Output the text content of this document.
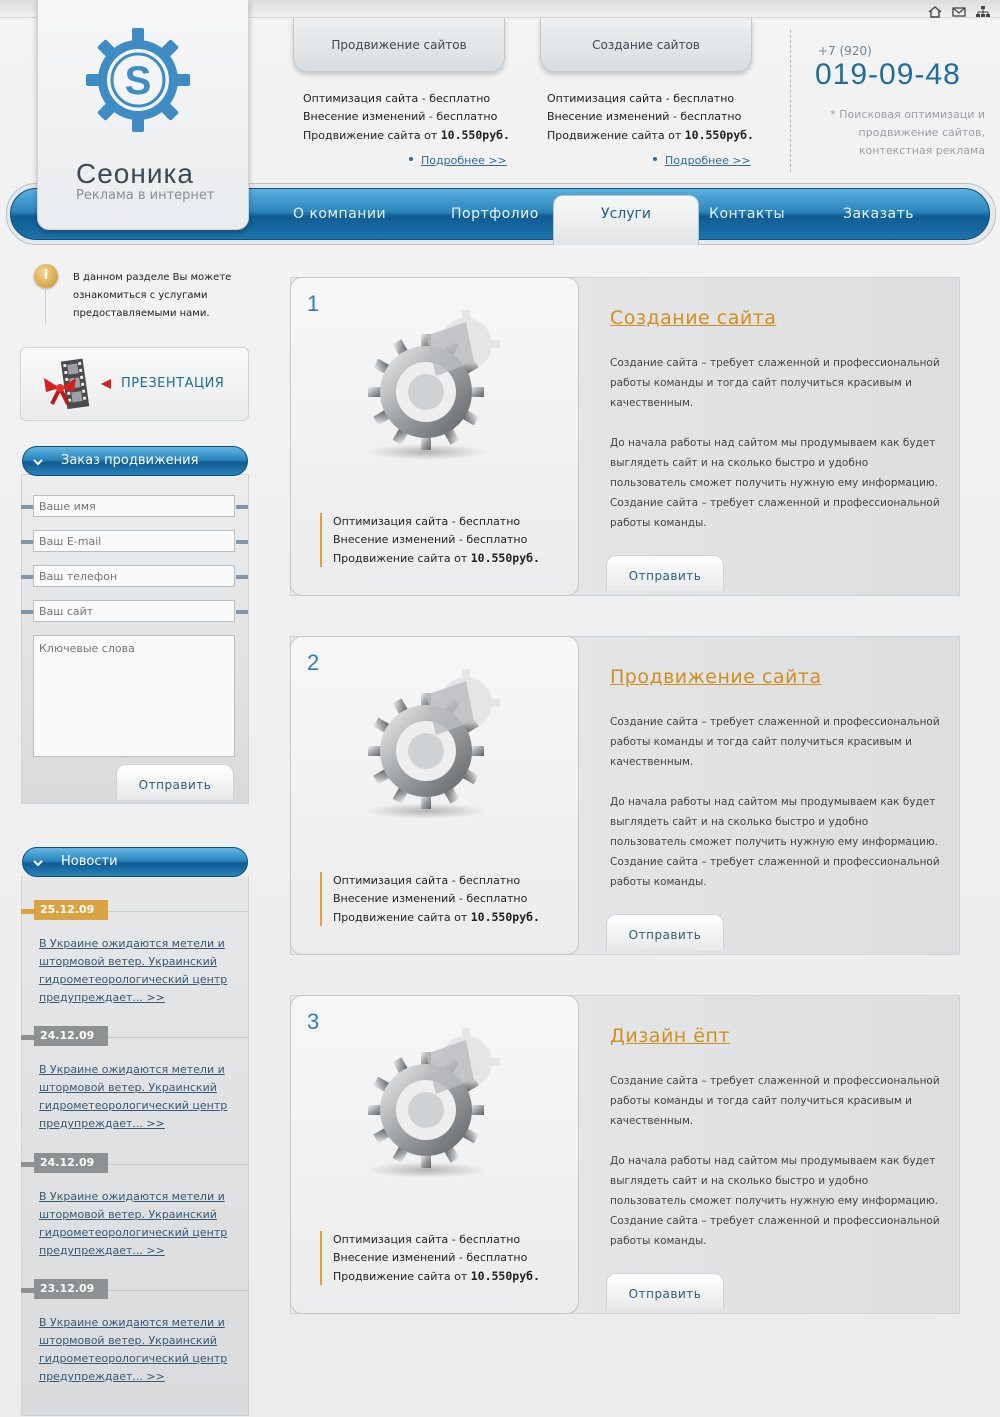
S
Сеоника
Реклама в интернет
Продвижение сайтов
Оптимизация сайта - бесплатно
Внесение изменений - бесплатно
Продвижение сайта от 10.550руб.
Подробнее >>
Создание сайтов
Оптимизация сайта - бесплатно
Внесение изменений - бесплатно
Продвижение сайта от 10.550руб.
Подробнее >>
+7 (920)
019-09-48
* Поисковая оптимизаци и продвижение сайтов, контекстная реклама
О компании	Портфолио	Услуги	Контакты	Заказать
i	В данном разделе Вы можете ознакомиться с услугами предоставляемыми нами.
ПРЕЗЕНТАЦИЯ
Заказ продвижения
Ваше имя
Ваш E-mail
Ваш телефон
Ваш сайт
Ключевые слова
Отправить
Новости
25.12.09
В Украине ожидаются метели и штормовой ветер. Украинский гидрометеорологический центр предупреждает... >>
24.12.09
В Украине ожидаются метели и штормовой ветер. Украинский гидрометеорологический центр предупреждает... >>
24.12.09
В Украине ожидаются метели и штормовой ветер. Украинский гидрометеорологический центр предупреждает... >>
23.12.09
В Украине ожидаются метели и штормовой ветер. Украинский гидрометеорологический центр предупреждает... >>
1
Оптимизация сайта - бесплатно
Внесение изменений - бесплатно
Продвижение сайта от 10.550руб.
Создание сайта
Создание сайта – требует слаженной и профессиональной работы команды и тогда сайт получиться красивым и качественным.
До начала работы над сайтом мы продумываем как будет выглядеть сайт и на сколько быстро и удобно пользователь сможет получить нужную ему информацию. Создание сайта – требует слаженной и профессиональной работы команды.
Отправить
2
Оптимизация сайта - бесплатно
Внесение изменений - бесплатно
Продвижение сайта от 10.550руб.
Продвижение сайта
Создание сайта – требует слаженной и профессиональной работы команды и тогда сайт получиться красивым и качественным.
До начала работы над сайтом мы продумываем как будет выглядеть сайт и на сколько быстро и удобно пользователь сможет получить нужную ему информацию. Создание сайта – требует слаженной и профессиональной работы команды.
Отправить
3
Оптимизация сайта - бесплатно
Внесение изменений - бесплатно
Продвижение сайта от 10.550руб.
Дизайн ёпт
Создание сайта – требует слаженной и профессиональной работы команды и тогда сайт получиться красивым и качественным.
До начала работы над сайтом мы продумываем как будет выглядеть сайт и на сколько быстро и удобно пользователь сможет получить нужную ему информацию. Создание сайта – требует слаженной и профессиональной работы команды.
Отправить
